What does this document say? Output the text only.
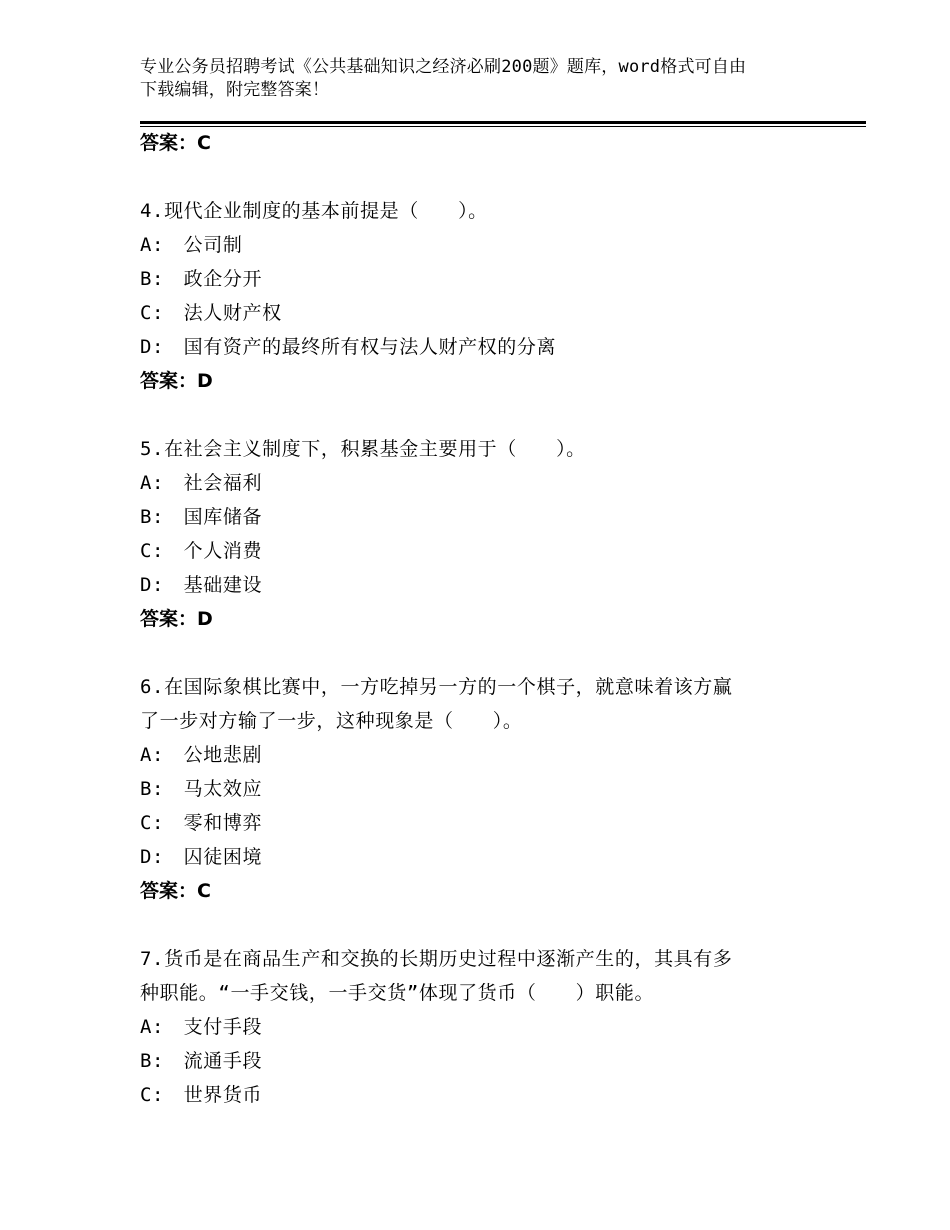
专业公务员招聘考试《公共基础知识之经济必刷200题》题库，word格式可自由
下载编辑，附完整答案！
答案：C
4.现代企业制度的基本前提是（　　）。
A:　公司制
B:　政企分开
C:　法人财产权
D:　国有资产的最终所有权与法人财产权的分离
答案：D
5.在社会主义制度下，积累基金主要用于（　　）。
A:　社会福利
B:　国库储备
C:　个人消费
D:　基础建设
答案：D
6.在国际象棋比赛中，一方吃掉另一方的一个棋子，就意味着该方赢
了一步对方输了一步，这种现象是（　　）。
A:　公地悲剧
B:　马太效应
C:　零和博弈
D:　囚徒困境
答案：C
7.货币是在商品生产和交换的长期历史过程中逐渐产生的，其具有多
种职能。“一手交钱，一手交货”体现了货币（　　）职能。
A:　支付手段
B:　流通手段
C:　世界货币
